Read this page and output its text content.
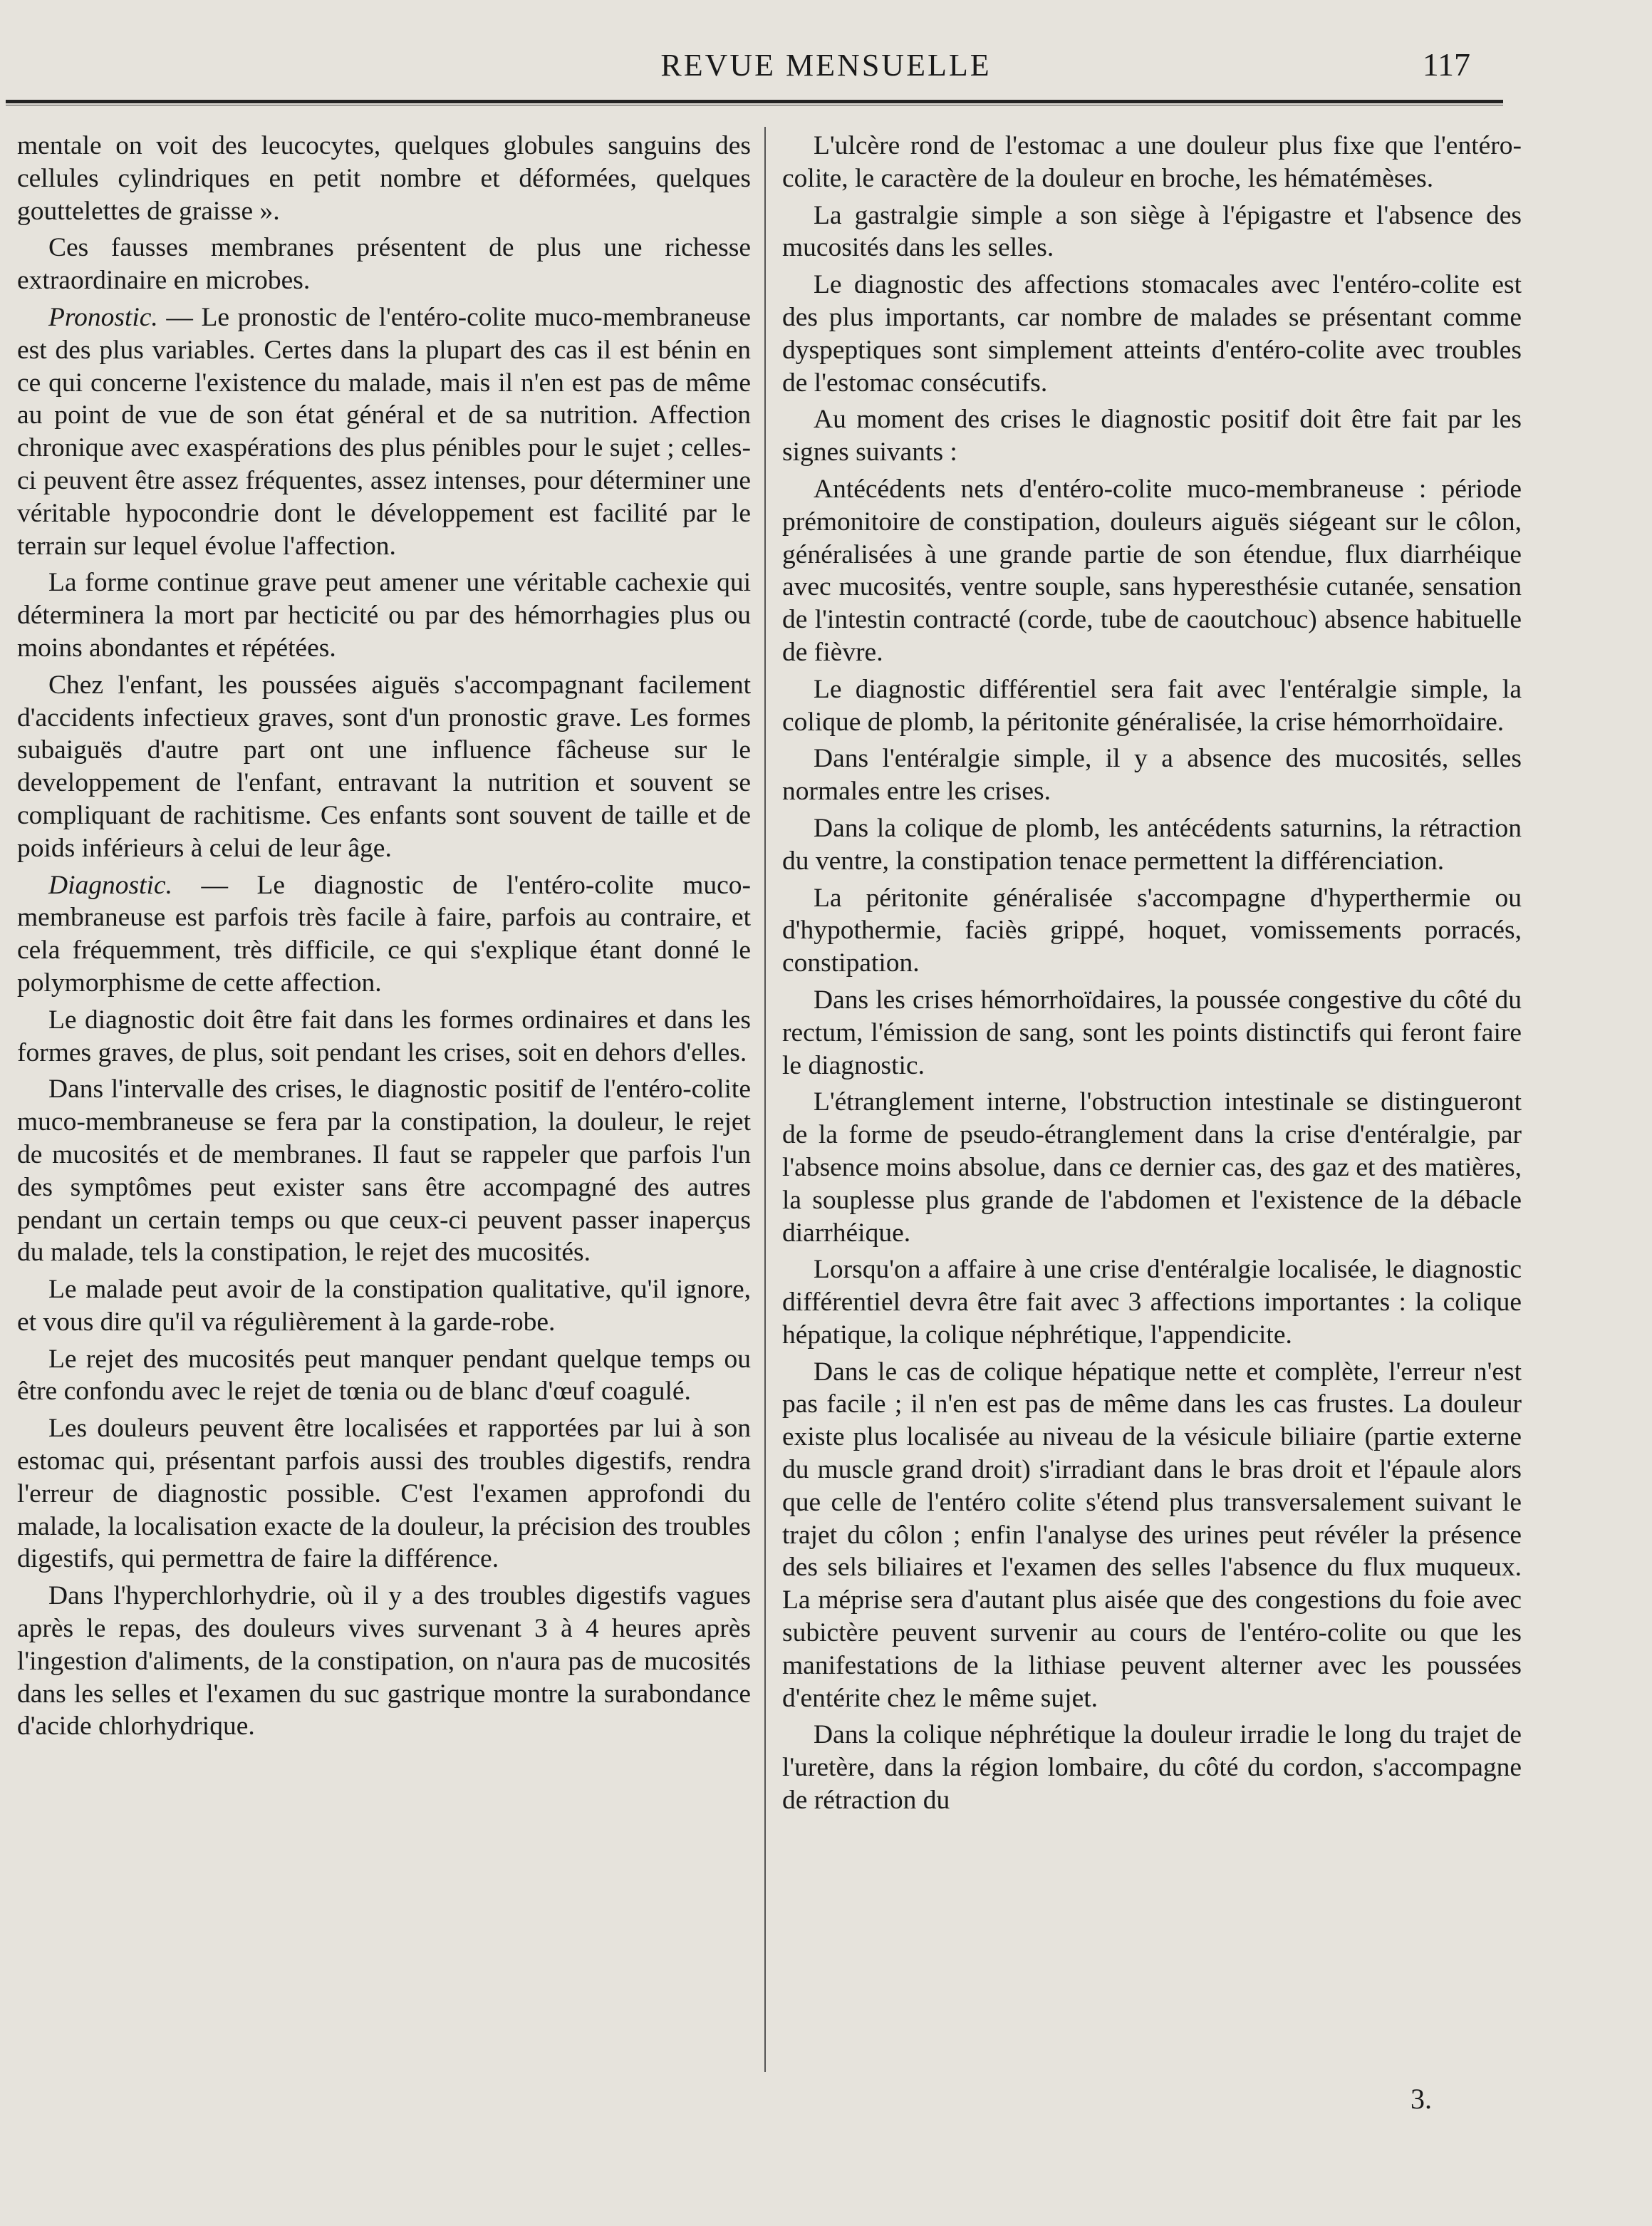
REVUE MENSUELLE	117

mentale on voit des leucocytes, quelques globules sanguins des cellules cylindriques en petit nombre et déformées, quelques gouttelettes de graisse ».

Ces fausses membranes présentent de plus une richesse extraordinaire en microbes.

Pronostic. — Le pronostic de l'entéro-colite muco-membraneuse est des plus variables. Certes dans la plupart des cas il est bénin en ce qui concerne l'existence du malade, mais il n'en est pas de même au point de vue de son état général et de sa nutrition. Affection chronique avec exaspérations des plus pénibles pour le sujet ; celles-ci peuvent être assez fréquentes, assez intenses, pour déterminer une véritable hypocondrie dont le développement est facilité par le terrain sur lequel évolue l'affection.

La forme continue grave peut amener une véritable cachexie qui déterminera la mort par hecticité ou par des hémorrhagies plus ou moins abondantes et répétées.

Chez l'enfant, les poussées aiguës s'accompagnant facilement d'accidents infectieux graves, sont d'un pronostic grave. Les formes subaiguës d'autre part ont une influence fâcheuse sur le developpement de l'enfant, entravant la nutrition et souvent se compliquant de rachitisme. Ces enfants sont souvent de taille et de poids inférieurs à celui de leur âge.

Diagnostic. — Le diagnostic de l'entéro-colite muco-membraneuse est parfois très facile à faire, parfois au contraire, et cela fréquemment, très difficile, ce qui s'explique étant donné le polymorphisme de cette affection.

Le diagnostic doit être fait dans les formes ordinaires et dans les formes graves, de plus, soit pendant les crises, soit en dehors d'elles.

Dans l'intervalle des crises, le diagnostic positif de l'entéro-colite muco-membraneuse se fera par la constipation, la douleur, le rejet de mucosités et de membranes. Il faut se rappeler que parfois l'un des symptômes peut exister sans être accompagné des autres pendant un certain temps ou que ceux-ci peuvent passer inaperçus du malade, tels la constipation, le rejet des mucosités.

Le malade peut avoir de la constipation qualitative, qu'il ignore, et vous dire qu'il va régulièrement à la garde-robe.

Le rejet des mucosités peut manquer pendant quelque temps ou être confondu avec le rejet de tœnia ou de blanc d'œuf coagulé.

Les douleurs peuvent être localisées et rapportées par lui à son estomac qui, présentant parfois aussi des troubles digestifs, rendra l'erreur de diagnostic possible. C'est l'examen approfondi du malade, la localisation exacte de la douleur, la précision des troubles digestifs, qui permettra de faire la différence.

Dans l'hyperchlorhydrie, où il y a des troubles digestifs vagues après le repas, des douleurs vives survenant 3 à 4 heures après l'ingestion d'aliments, de la constipation, on n'aura pas de mucosités dans les selles et l'examen du suc gastrique montre la surabondance d'acide chlorhydrique.

L'ulcère rond de l'estomac a une douleur plus fixe que l'entéro-colite, le caractère de la douleur en broche, les hématémèses.

La gastralgie simple a son siège à l'épigastre et l'absence des mucosités dans les selles.

Le diagnostic des affections stomacales avec l'entéro-colite est des plus importants, car nombre de malades se présentant comme dyspeptiques sont simplement atteints d'entéro-colite avec troubles de l'estomac consécutifs.

Au moment des crises le diagnostic positif doit être fait par les signes suivants :

Antécédents nets d'entéro-colite muco-membraneuse : période prémonitoire de constipation, douleurs aiguës siégeant sur le côlon, généralisées à une grande partie de son étendue, flux diarrhéique avec mucosités, ventre souple, sans hyperesthésie cutanée, sensation de l'intestin contracté (corde, tube de caoutchouc) absence habituelle de fièvre.

Le diagnostic différentiel sera fait avec l'entéralgie simple, la colique de plomb, la péritonite généralisée, la crise hémorrhoïdaire.

Dans l'entéralgie simple, il y a absence des mucosités, selles normales entre les crises.

Dans la colique de plomb, les antécédents saturnins, la rétraction du ventre, la constipation tenace permettent la différenciation.

La péritonite généralisée s'accompagne d'hyperthermie ou d'hypothermie, faciès grippé, hoquet, vomissements porracés, constipation.

Dans les crises hémorrhoïdaires, la poussée congestive du côté du rectum, l'émission de sang, sont les points distinctifs qui feront faire le diagnostic.

L'étranglement interne, l'obstruction intestinale se distingueront de la forme de pseudo-étranglement dans la crise d'entéralgie, par l'absence moins absolue, dans ce dernier cas, des gaz et des matières, la souplesse plus grande de l'abdomen et l'existence de la débacle diarrhéique.

Lorsqu'on a affaire à une crise d'entéralgie localisée, le diagnostic différentiel devra être fait avec 3 affections importantes : la colique hépatique, la colique néphrétique, l'appendicite.

Dans le cas de colique hépatique nette et complète, l'erreur n'est pas facile ; il n'en est pas de même dans les cas frustes. La douleur existe plus localisée au niveau de la vésicule biliaire (partie externe du muscle grand droit) s'irradiant dans le bras droit et l'épaule alors que celle de l'entéro colite s'étend plus transversalement suivant le trajet du côlon ; enfin l'analyse des urines peut révéler la présence des sels biliaires et l'examen des selles l'absence du flux muqueux. La méprise sera d'autant plus aisée que des congestions du foie avec subictère peuvent survenir au cours de l'entéro-colite ou que les manifestations de la lithiase peuvent alterner avec les poussées d'entérite chez le même sujet.

Dans la colique néphrétique la douleur irradie le long du trajet de l'uretère, dans la région lombaire, du côté du cordon, s'accompagne de rétraction du

3.
